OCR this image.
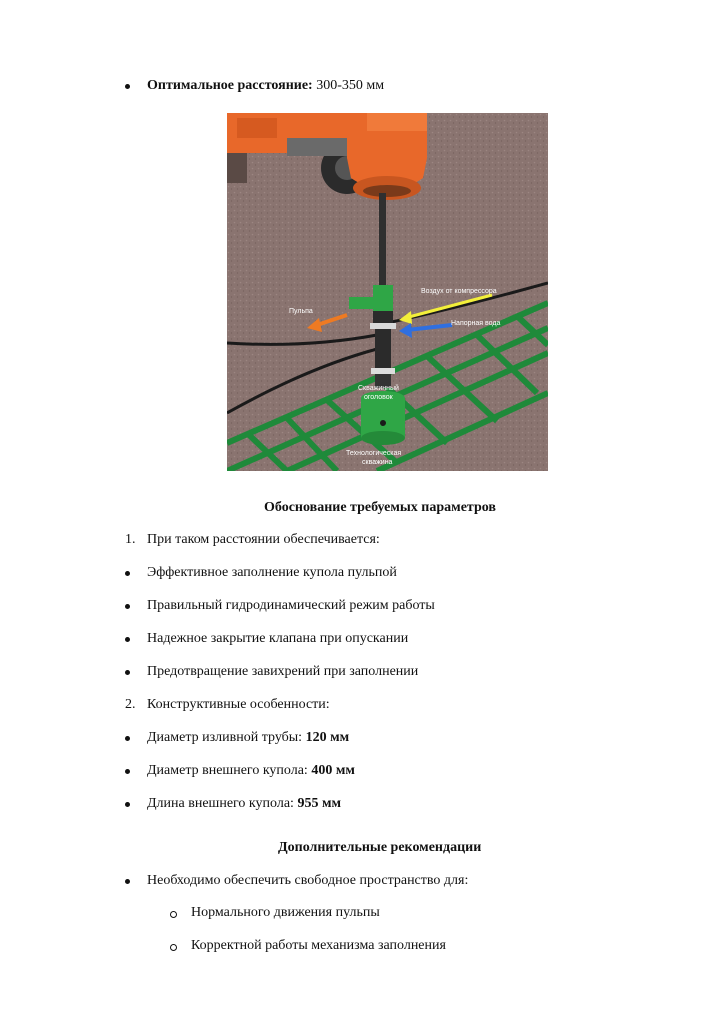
Оптимальное расстояние: 300-350 мм
Воздух от компрессора
Пульпа
Напорная вода
Скважинный
оголовок
Технологическая
скважина
Обоснование требуемых параметров
1. При таком расстоянии обеспечивается:
Эффективное заполнение купола пульпой
Правильный гидродинамический режим работы
Надежное закрытие клапана при опускании
Предотвращение завихрений при заполнении
2. Конструктивные особенности:
Диаметр изливной трубы: 120 мм
Диаметр внешнего купола: 400 мм
Длина внешнего купола: 955 мм
Дополнительные рекомендации
Необходимо обеспечить свободное пространство для:
Нормального движения пульпы
Корректной работы механизма заполнения
